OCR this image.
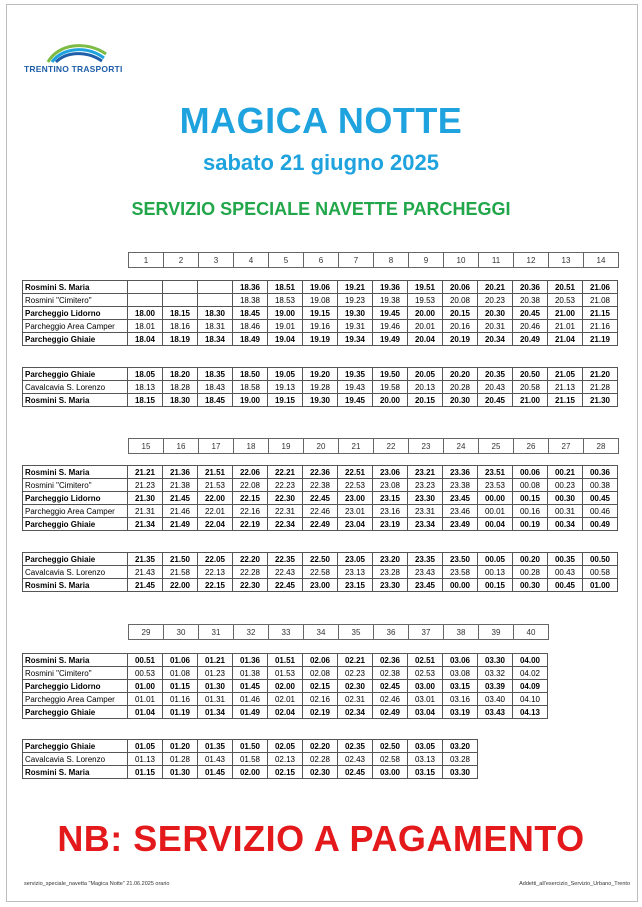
TRENTINO TRASPORTI
MAGICA NOTTE
sabato 21 giugno 2025
SERVIZIO SPECIALE NAVETTE PARCHEGGI
1	2	3	4	5	6	7	8	9	10	11	12	13	14
Rosmini S. Maria				18.36	18.51	19.06	19.21	19.36	19.51	20.06	20.21	20.36	20.51	21.06
Rosmini "Cimitero"				18.38	18.53	19.08	19.23	19.38	19.53	20.08	20.23	20.38	20.53	21.08
Parcheggio Lidorno	18.00	18.15	18.30	18.45	19.00	19.15	19.30	19.45	20.00	20.15	20.30	20.45	21.00	21.15
Parcheggio Area Camper	18.01	18.16	18.31	18.46	19.01	19.16	19.31	19.46	20.01	20.16	20.31	20.46	21.01	21.16
Parcheggio Ghiaie	18.04	18.19	18.34	18.49	19.04	19.19	19.34	19.49	20.04	20.19	20.34	20.49	21.04	21.19
Parcheggio Ghiaie	18.05	18.20	18.35	18.50	19.05	19.20	19.35	19.50	20.05	20.20	20.35	20.50	21.05	21.20
Cavalcavia S. Lorenzo	18.13	18.28	18.43	18.58	19.13	19.28	19.43	19.58	20.13	20.28	20.43	20.58	21.13	21.28
Rosmini S. Maria	18.15	18.30	18.45	19.00	19.15	19.30	19.45	20.00	20.15	20.30	20.45	21.00	21.15	21.30
15	16	17	18	19	20	21	22	23	24	25	26	27	28
Rosmini S. Maria	21.21	21.36	21.51	22.06	22.21	22.36	22.51	23.06	23.21	23.36	23.51	00.06	00.21	00.36
Rosmini "Cimitero"	21.23	21.38	21.53	22.08	22.23	22.38	22.53	23.08	23.23	23.38	23.53	00.08	00.23	00.38
Parcheggio Lidorno	21.30	21.45	22.00	22.15	22.30	22.45	23.00	23.15	23.30	23.45	00.00	00.15	00.30	00.45
Parcheggio Area Camper	21.31	21.46	22.01	22.16	22.31	22.46	23.01	23.16	23.31	23.46	00.01	00.16	00.31	00.46
Parcheggio Ghiaie	21.34	21.49	22.04	22.19	22.34	22.49	23.04	23.19	23.34	23.49	00.04	00.19	00.34	00.49
Parcheggio Ghiaie	21.35	21.50	22.05	22.20	22.35	22.50	23.05	23.20	23.35	23.50	00.05	00.20	00.35	00.50
Cavalcavia S. Lorenzo	21.43	21.58	22.13	22.28	22.43	22.58	23.13	23.28	23.43	23.58	00.13	00.28	00.43	00.58
Rosmini S. Maria	21.45	22.00	22.15	22.30	22.45	23.00	23.15	23.30	23.45	00.00	00.15	00.30	00.45	01.00
29	30	31	32	33	34	35	36	37	38	39	40
Rosmini S. Maria	00.51	01.06	01.21	01.36	01.51	02.06	02.21	02.36	02.51	03.06	03.30	04.00
Rosmini "Cimitero"	00.53	01.08	01.23	01.38	01.53	02.08	02.23	02.38	02.53	03.08	03.32	04.02
Parcheggio Lidorno	01.00	01.15	01.30	01.45	02.00	02.15	02.30	02.45	03.00	03.15	03.39	04.09
Parcheggio Area Camper	01.01	01.16	01.31	01.46	02.01	02.16	02.31	02.46	03.01	03.16	03.40	04.10
Parcheggio Ghiaie	01.04	01.19	01.34	01.49	02.04	02.19	02.34	02.49	03.04	03.19	03.43	04.13
Parcheggio Ghiaie	01.05	01.20	01.35	01.50	02.05	02.20	02.35	02.50	03.05	03.20
Cavalcavia S. Lorenzo	01.13	01.28	01.43	01.58	02.13	02.28	02.43	02.58	03.13	03.28
Rosmini S. Maria	01.15	01.30	01.45	02.00	02.15	02.30	02.45	03.00	03.15	03.30
NB: SERVIZIO A PAGAMENTO
servizio_speciale_navetta "Magica Notte" 21.06.2025 orario	Addetti_all'esercizio_Servizio_Urbano_Trento
